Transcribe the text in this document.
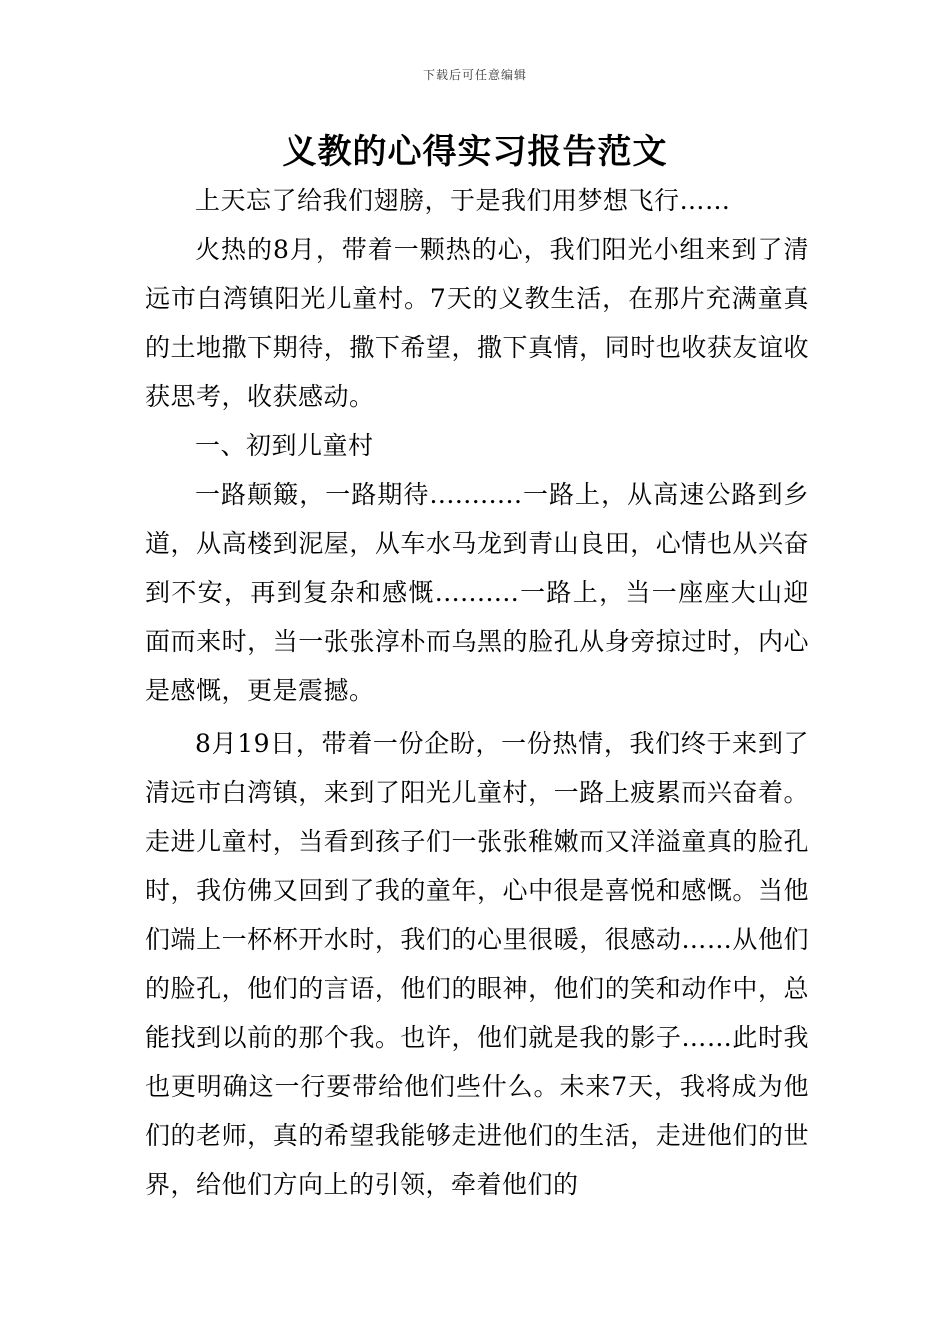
下载后可任意编辑
义教的心得实习报告范文

上天忘了给我们翅膀，于是我们用梦想飞行……

火热的8月，带着一颗热的心，我们阳光小组来到了清远市白湾镇阳光儿童村。7天的义教生活，在那片充满童真的土地撒下期待，撒下希望，撒下真情，同时也收获友谊收获思考，收获感动。

一、初到儿童村

一路颠簸，一路期待...........一路上，从高速公路到乡道，从高楼到泥屋，从车水马龙到青山良田，心情也从兴奋到不安，再到复杂和感慨..........一路上，当一座座大山迎面而来时，当一张张淳朴而乌黑的脸孔从身旁掠过时，内心是感慨，更是震撼。

8月19日，带着一份企盼，一份热情，我们终于来到了清远市白湾镇，来到了阳光儿童村，一路上疲累而兴奋着。走进儿童村，当看到孩子们一张张稚嫩而又洋溢童真的脸孔时，我仿佛又回到了我的童年，心中很是喜悦和感慨。当他们端上一杯杯开水时，我们的心里很暖，很感动……从他们的脸孔，他们的言语，他们的眼神，他们的笑和动作中，总能找到以前的那个我。也许，他们就是我的影子……此时我也更明确这一行要带给他们些什么。未来7天，我将成为他们的老师，真的希望我能够走进他们的生活，走进他们的世界，给他们方向上的引领，牵着他们的
